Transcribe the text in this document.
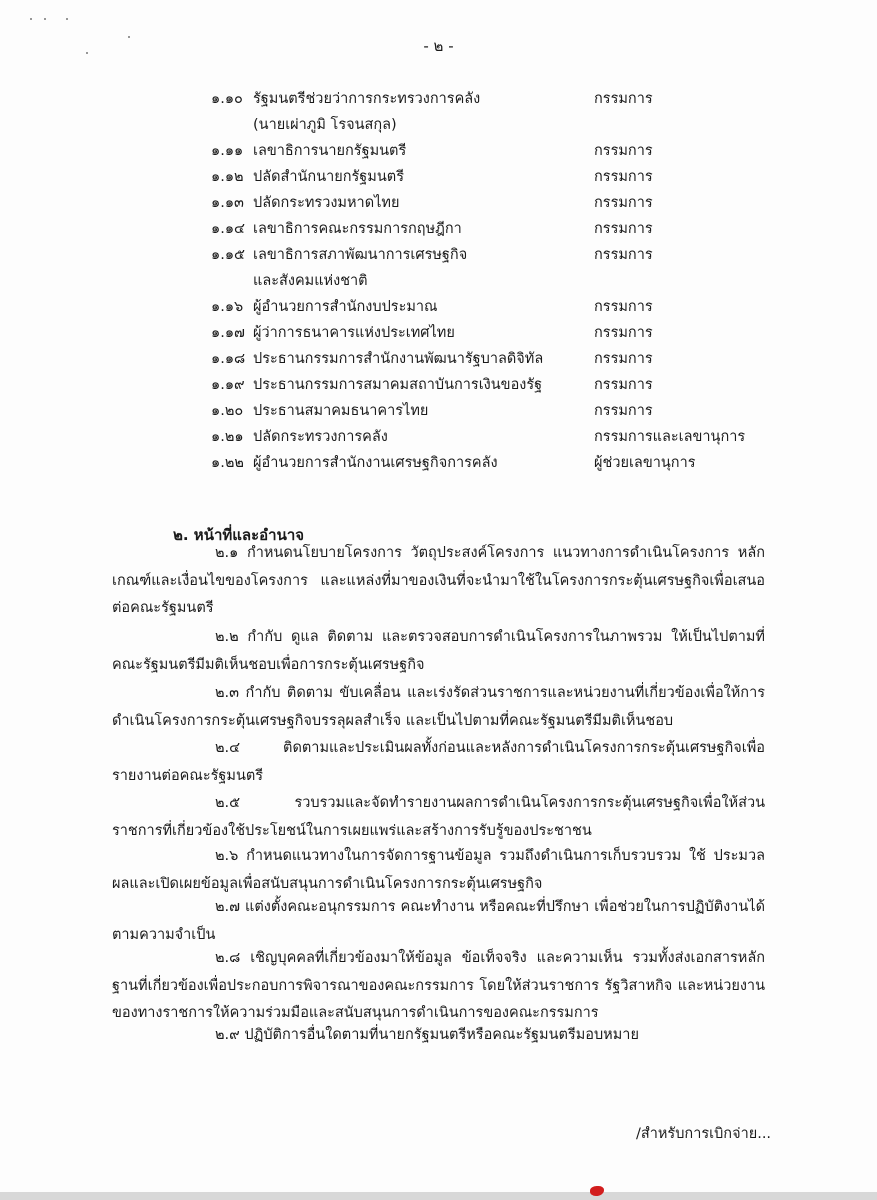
- ๒ -
๑.๑๐ รัฐมนตรีช่วยว่าการกระทรวงการคลัง	กรรมการ
(นายเผ่าภูมิ โรจนสกุล)
๑.๑๑ เลขาธิการนายกรัฐมนตรี	กรรมการ
๑.๑๒ ปลัดสำนักนายกรัฐมนตรี	กรรมการ
๑.๑๓ ปลัดกระทรวงมหาดไทย	กรรมการ
๑.๑๔ เลขาธิการคณะกรรมการกฤษฎีกา	กรรมการ
๑.๑๕ เลขาธิการสภาพัฒนาการเศรษฐกิจ	กรรมการ
และสังคมแห่งชาติ
๑.๑๖ ผู้อำนวยการสำนักงบประมาณ	กรรมการ
๑.๑๗ ผู้ว่าการธนาคารแห่งประเทศไทย	กรรมการ
๑.๑๘ ประธานกรรมการสำนักงานพัฒนารัฐบาลดิจิทัล	กรรมการ
๑.๑๙ ประธานกรรมการสมาคมสถาบันการเงินของรัฐ	กรรมการ
๑.๒๐ ประธานสมาคมธนาคารไทย	กรรมการ
๑.๒๑ ปลัดกระทรวงการคลัง	กรรมการและเลขานุการ
๑.๒๒ ผู้อำนวยการสำนักงานเศรษฐกิจการคลัง	ผู้ช่วยเลขานุการ
๒. หน้าที่และอำนาจ

๒.๑ กำหนดนโยบายโครงการ วัตถุประสงค์โครงการ แนวทางการดำเนินโครงการ หลักเกณฑ์และเงื่อนไขของโครงการ และแหล่งที่มาของเงินที่จะนำมาใช้ในโครงการกระตุ้นเศรษฐกิจเพื่อเสนอต่อคณะรัฐมนตรี

๒.๒ กำกับ ดูแล ติดตาม และตรวจสอบการดำเนินโครงการในภาพรวม ให้เป็นไปตามที่คณะรัฐมนตรีมีมติเห็นชอบเพื่อการกระตุ้นเศรษฐกิจ

๒.๓ กำกับ ติดตาม ขับเคลื่อน และเร่งรัดส่วนราชการและหน่วยงานที่เกี่ยวข้องเพื่อให้การดำเนินโครงการกระตุ้นเศรษฐกิจบรรลุผลสำเร็จ และเป็นไปตามที่คณะรัฐมนตรีมีมติเห็นชอบ

๒.๔ ติดตามและประเมินผลทั้งก่อนและหลังการดำเนินโครงการกระตุ้นเศรษฐกิจเพื่อรายงานต่อคณะรัฐมนตรี

๒.๕ รวบรวมและจัดทำรายงานผลการดำเนินโครงการกระตุ้นเศรษฐกิจเพื่อให้ส่วนราชการที่เกี่ยวข้องใช้ประโยชน์ในการเผยแพร่และสร้างการรับรู้ของประชาชน

๒.๖ กำหนดแนวทางในการจัดการฐานข้อมูล รวมถึงดำเนินการเก็บรวบรวม ใช้ ประมวลผลและเปิดเผยข้อมูลเพื่อสนับสนุนการดำเนินโครงการกระตุ้นเศรษฐกิจ

๒.๗ แต่งตั้งคณะอนุกรรมการ คณะทำงาน หรือคณะที่ปรึกษา เพื่อช่วยในการปฏิบัติงานได้ตามความจำเป็น

๒.๘ เชิญบุคคลที่เกี่ยวข้องมาให้ข้อมูล ข้อเท็จจริง และความเห็น รวมทั้งส่งเอกสารหลักฐานที่เกี่ยวข้องเพื่อประกอบการพิจารณาของคณะกรรมการ โดยให้ส่วนราชการ รัฐวิสาหกิจ และหน่วยงานของทางราชการให้ความร่วมมือและสนับสนุนการดำเนินการของคณะกรรมการ

๒.๙ ปฏิบัติการอื่นใดตามที่นายกรัฐมนตรีหรือคณะรัฐมนตรีมอบหมาย

/สำหรับการเบิกจ่าย...
